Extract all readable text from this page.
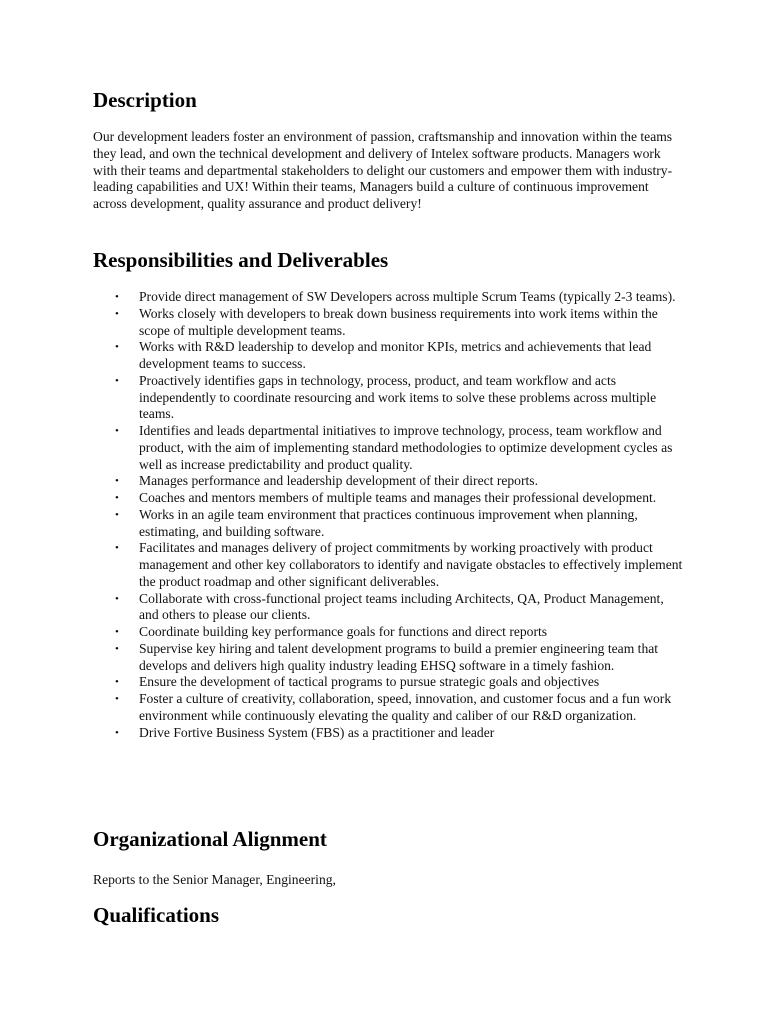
Description

Our development leaders foster an environment of passion, craftsmanship and innovation within the teams they lead, and own the technical development and delivery of Intelex software products. Managers work with their teams and departmental stakeholders to delight our customers and empower them with industry-leading capabilities and UX! Within their teams, Managers build a culture of continuous improvement across development, quality assurance and product delivery!

Responsibilities and Deliverables
• Provide direct management of SW Developers across multiple Scrum Teams (typically 2-3 teams).
• Works closely with developers to break down business requirements into work items within the scope of multiple development teams.
• Works with R&D leadership to develop and monitor KPIs, metrics and achievements that lead development teams to success.
• Proactively identifies gaps in technology, process, product, and team workflow and acts independently to coordinate resourcing and work items to solve these problems across multiple teams.
• Identifies and leads departmental initiatives to improve technology, process, team workflow and product, with the aim of implementing standard methodologies to optimize development cycles as well as increase predictability and product quality.
• Manages performance and leadership development of their direct reports.
• Coaches and mentors members of multiple teams and manages their professional development.
• Works in an agile team environment that practices continuous improvement when planning, estimating, and building software.
• Facilitates and manages delivery of project commitments by working proactively with product management and other key collaborators to identify and navigate obstacles to effectively implement the product roadmap and other significant deliverables.
• Collaborate with cross-functional project teams including Architects, QA, Product Management, and others to please our clients.
• Coordinate building key performance goals for functions and direct reports
• Supervise key hiring and talent development programs to build a premier engineering team that develops and delivers high quality industry leading EHSQ software in a timely fashion.
• Ensure the development of tactical programs to pursue strategic goals and objectives
• Foster a culture of creativity, collaboration, speed, innovation, and customer focus and a fun work environment while continuously elevating the quality and caliber of our R&D organization.
• Drive Fortive Business System (FBS) as a practitioner and leader
Organizational Alignment

Reports to the Senior Manager, Engineering,

Qualifications
